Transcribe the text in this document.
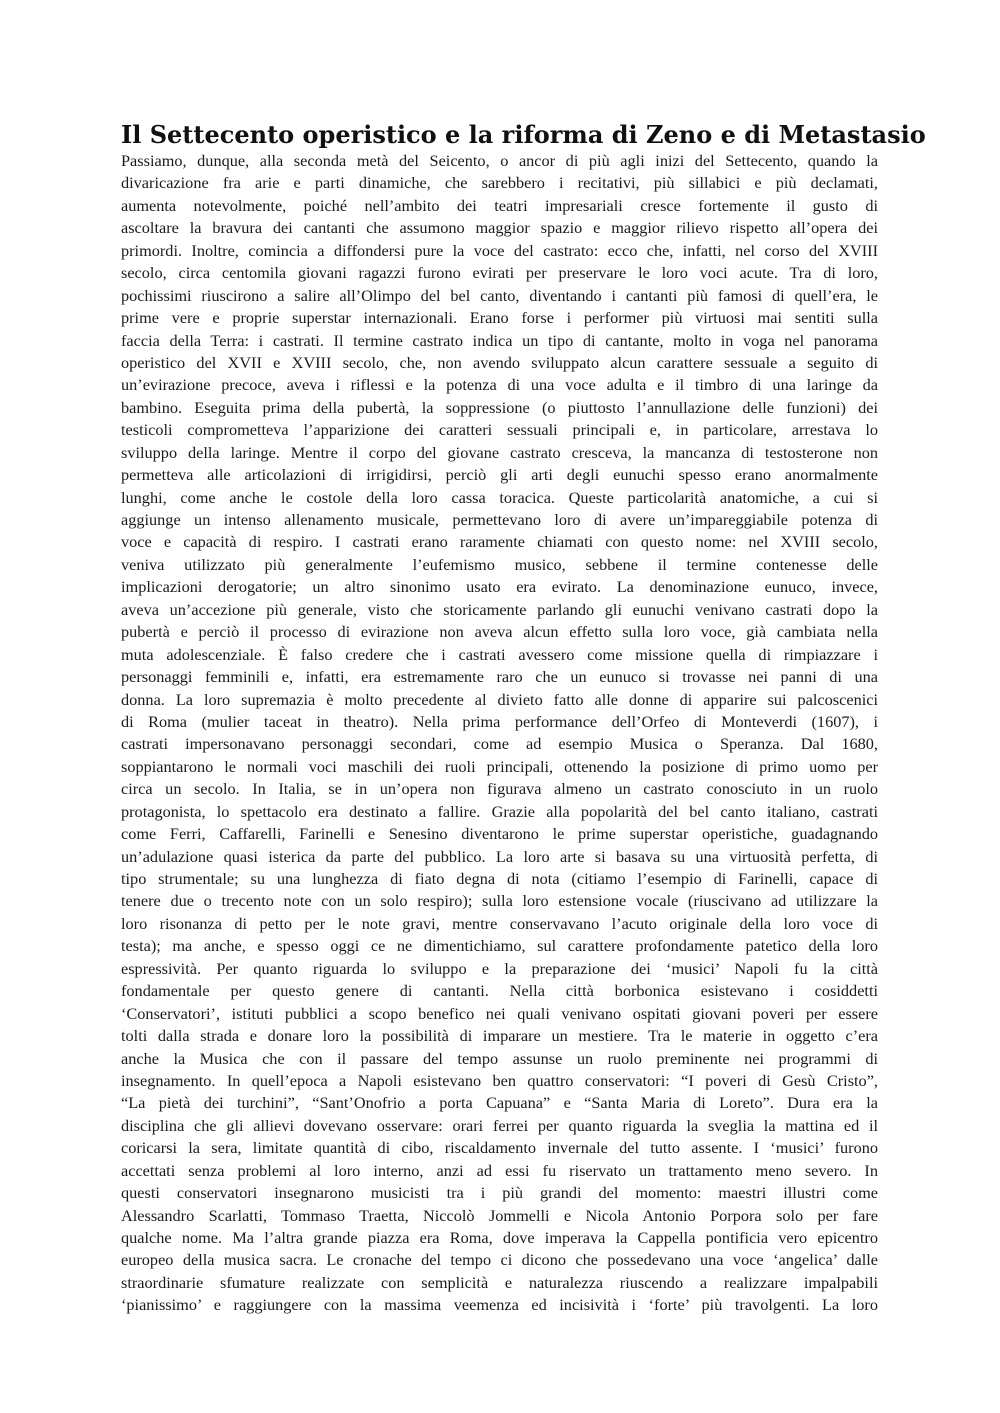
Il Settecento operistico e la riforma di Zeno e di Metastasio
Passiamo, dunque, alla seconda metà del Seicento, o ancor di più agli inizi del Settecento, quando la
divaricazione fra arie e parti dinamiche, che sarebbero i recitativi, più sillabici e più declamati,
aumenta notevolmente, poiché nell’ambito dei teatri impresariali cresce fortemente il gusto di
ascoltare la bravura dei cantanti che assumono maggior spazio e maggior rilievo rispetto all’opera dei
primordi. Inoltre, comincia a diffondersi pure la voce del castrato: ecco che, infatti, nel corso del XVIII
secolo, circa centomila giovani ragazzi furono evirati per preservare le loro voci acute. Tra di loro,
pochissimi riuscirono a salire all’Olimpo del bel canto, diventando i cantanti più famosi di quell’era, le
prime vere e proprie superstar internazionali. Erano forse i performer più virtuosi mai sentiti sulla
faccia della Terra: i castrati. Il termine castrato indica un tipo di cantante, molto in voga nel panorama
operistico del XVII e XVIII secolo, che, non avendo sviluppato alcun carattere sessuale a seguito di
un’evirazione precoce, aveva i riflessi e la potenza di una voce adulta e il timbro di una laringe da
bambino. Eseguita prima della pubertà, la soppressione (o piuttosto l’annullazione delle funzioni) dei
testicoli comprometteva l’apparizione dei caratteri sessuali principali e, in particolare, arrestava lo
sviluppo della laringe. Mentre il corpo del giovane castrato cresceva, la mancanza di testosterone non
permetteva alle articolazioni di irrigidirsi, perciò gli arti degli eunuchi spesso erano anormalmente
lunghi, come anche le costole della loro cassa toracica. Queste particolarità anatomiche, a cui si
aggiunge un intenso allenamento musicale, permettevano loro di avere un’impareggiabile potenza di
voce e capacità di respiro. I castrati erano raramente chiamati con questo nome: nel XVIII secolo,
veniva utilizzato più generalmente l’eufemismo musico, sebbene il termine contenesse delle
implicazioni derogatorie; un altro sinonimo usato era evirato. La denominazione eunuco, invece,
aveva un’accezione più generale, visto che storicamente parlando gli eunuchi venivano castrati dopo la
pubertà e perciò il processo di evirazione non aveva alcun effetto sulla loro voce, già cambiata nella
muta adolescenziale. È falso credere che i castrati avessero come missione quella di rimpiazzare i
personaggi femminili e, infatti, era estremamente raro che un eunuco si trovasse nei panni di una
donna. La loro supremazia è molto precedente al divieto fatto alle donne di apparire sui palcoscenici
di Roma (mulier taceat in theatro). Nella prima performance dell’Orfeo di Monteverdi (1607), i
castrati impersonavano personaggi secondari, come ad esempio Musica o Speranza. Dal 1680,
soppiantarono le normali voci maschili dei ruoli principali, ottenendo la posizione di primo uomo per
circa un secolo. In Italia, se in un’opera non figurava almeno un castrato conosciuto in un ruolo
protagonista, lo spettacolo era destinato a fallire. Grazie alla popolarità del bel canto italiano, castrati
come Ferri, Caffarelli, Farinelli e Senesino diventarono le prime superstar operistiche, guadagnando
un’adulazione quasi isterica da parte del pubblico. La loro arte si basava su una virtuosità perfetta, di
tipo strumentale; su una lunghezza di fiato degna di nota (citiamo l’esempio di Farinelli, capace di
tenere due o trecento note con un solo respiro); sulla loro estensione vocale (riuscivano ad utilizzare la
loro risonanza di petto per le note gravi, mentre conservavano l’acuto originale della loro voce di
testa); ma anche, e spesso oggi ce ne dimentichiamo, sul carattere profondamente patetico della loro
espressività. Per quanto riguarda lo sviluppo e la preparazione dei ‘musici’ Napoli fu la città
fondamentale per questo genere di cantanti. Nella città borbonica esistevano i cosiddetti
‘Conservatori’, istituti pubblici a scopo benefico nei quali venivano ospitati giovani poveri per essere
tolti dalla strada e donare loro la possibilità di imparare un mestiere. Tra le materie in oggetto c’era
anche la Musica che con il passare del tempo assunse un ruolo preminente nei programmi di
insegnamento. In quell’epoca a Napoli esistevano ben quattro conservatori: “I poveri di Gesù Cristo”,
“La pietà dei turchini”, “Sant’Onofrio a porta Capuana” e “Santa Maria di Loreto”. Dura era la
disciplina che gli allievi dovevano osservare: orari ferrei per quanto riguarda la sveglia la mattina ed il
coricarsi la sera, limitate quantità di cibo, riscaldamento invernale del tutto assente. I ‘musici’ furono
accettati senza problemi al loro interno, anzi ad essi fu riservato un trattamento meno severo. In
questi conservatori insegnarono musicisti tra i più grandi del momento: maestri illustri come
Alessandro Scarlatti, Tommaso Traetta, Niccolò Jommelli e Nicola Antonio Porpora solo per fare
qualche nome. Ma l’altra grande piazza era Roma, dove imperava la Cappella pontificia vero epicentro
europeo della musica sacra. Le cronache del tempo ci dicono che possedevano una voce ‘angelica’ dalle
straordinarie sfumature realizzate con semplicità e naturalezza riuscendo a realizzare impalpabili
‘pianissimo’ e raggiungere con la massima veemenza ed incisività i ‘forte’ più travolgenti. La loro
